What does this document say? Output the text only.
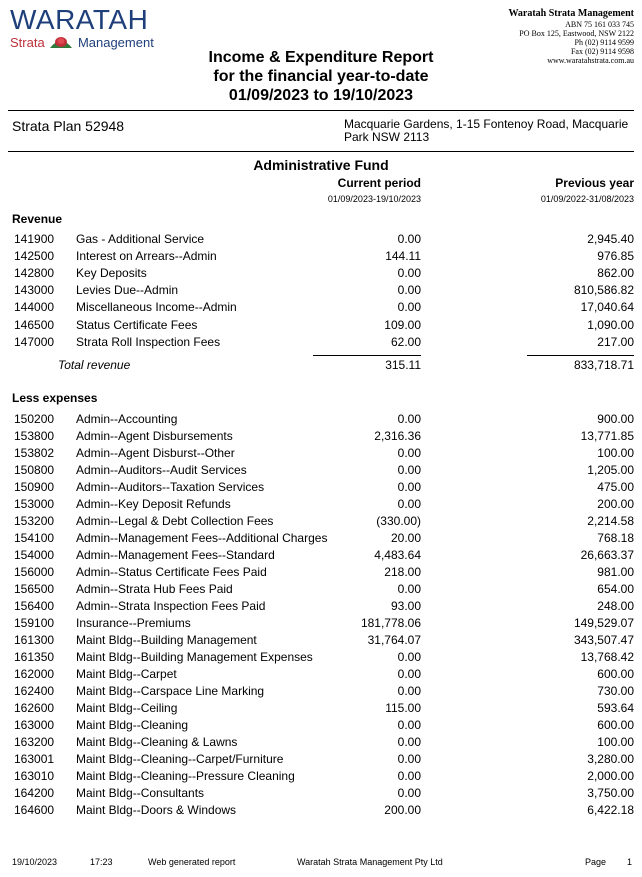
WARATAH
Strata	Management
Waratah Strata Management
ABN 75 161 033 745
PO Box 125, Eastwood, NSW 2122
Ph (02) 9114 9599
Fax (02) 9114 9598
www.waratahstrata.com.au
Income & Expenditure Report
for the financial year-to-date
01/09/2023 to 19/10/2023
Strata Plan 52948	Macquarie Gardens, 1-15 Fontenoy Road, Macquarie Park NSW 2113
Administrative Fund
Current period	Previous year
01/09/2023-19/10/2023	01/09/2022-31/08/2023
Revenue
141900 Gas - Additional Service	0.00	2,945.40
142500 Interest on Arrears--Admin	144.11	976.85
142800 Key Deposits	0.00	862.00
143000 Levies Due--Admin	0.00	810,586.82
144000 Miscellaneous Income--Admin	0.00	17,040.64
146500 Status Certificate Fees	109.00	1,090.00
147000 Strata Roll Inspection Fees	62.00	217.00
Total revenue	315.11	833,718.71
Less expenses
150200 Admin--Accounting	0.00	900.00
153800 Admin--Agent Disbursements	2,316.36	13,771.85
153802 Admin--Agent Disburst--Other	0.00	100.00
150800 Admin--Auditors--Audit Services	0.00	1,205.00
150900 Admin--Auditors--Taxation Services	0.00	475.00
153000 Admin--Key Deposit Refunds	0.00	200.00
153200 Admin--Legal & Debt Collection Fees	(330.00)	2,214.58
154100 Admin--Management Fees--Additional Charges	20.00	768.18
154000 Admin--Management Fees--Standard	4,483.64	26,663.37
156000 Admin--Status Certificate Fees Paid	218.00	981.00
156500 Admin--Strata Hub Fees Paid	0.00	654.00
156400 Admin--Strata Inspection Fees Paid	93.00	248.00
159100 Insurance--Premiums	181,778.06	149,529.07
161300 Maint Bldg--Building Management	31,764.07	343,507.47
161350 Maint Bldg--Building Management Expenses	0.00	13,768.42
162000 Maint Bldg--Carpet	0.00	600.00
162400 Maint Bldg--Carspace Line Marking	0.00	730.00
162600 Maint Bldg--Ceiling	115.00	593.64
163000 Maint Bldg--Cleaning	0.00	600.00
163200 Maint Bldg--Cleaning & Lawns	0.00	100.00
163001 Maint Bldg--Cleaning--Carpet/Furniture	0.00	3,280.00
163010 Maint Bldg--Cleaning--Pressure Cleaning	0.00	2,000.00
164200 Maint Bldg--Consultants	0.00	3,750.00
164600 Maint Bldg--Doors & Windows	200.00	6,422.18
19/10/2023	17:23	Web generated report	Waratah Strata Management Pty Ltd	Page 1
